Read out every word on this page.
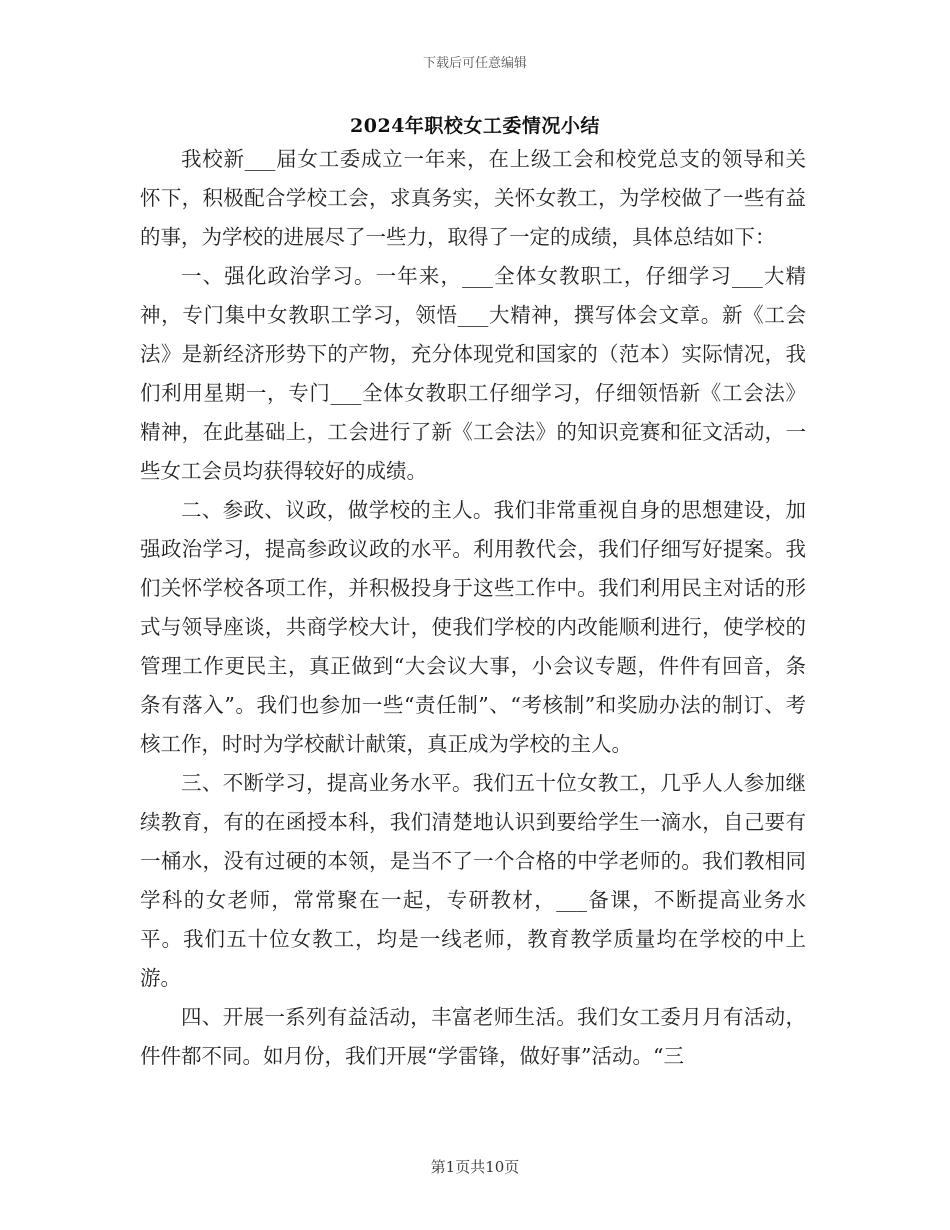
下载后可任意编辑
2024年职校女工委情况小结

我校新___届女工委成立一年来，在上级工会和校党总支的领导和关怀下，积极配合学校工会，求真务实，关怀女教工，为学校做了一些有益的事，为学校的进展尽了一些力，取得了一定的成绩，具体总结如下：

一、强化政治学习。一年来，___全体女教职工，仔细学习___大精神，专门集中女教职工学习，领悟___大精神，撰写体会文章。新《工会法》是新经济形势下的产物，充分体现党和国家的（范本）实际情况，我们利用星期一，专门___全体女教职工仔细学习，仔细领悟新《工会法》精神，在此基础上，工会进行了新《工会法》的知识竞赛和征文活动，一些女工会员均获得较好的成绩。

二、参政、议政，做学校的主人。我们非常重视自身的思想建设，加强政治学习，提高参政议政的水平。利用教代会，我们仔细写好提案。我们关怀学校各项工作，并积极投身于这些工作中。我们利用民主对话的形式与领导座谈，共商学校大计，使我们学校的内改能顺利进行，使学校的管理工作更民主，真正做到“大会议大事，小会议专题，件件有回音，条条有落入”。我们也参加一些“责任制”、“考核制”和奖励办法的制订、考核工作，时时为学校献计献策，真正成为学校的主人。

三、不断学习，提高业务水平。我们五十位女教工，几乎人人参加继续教育，有的在函授本科，我们清楚地认识到要给学生一滴水，自己要有一桶水，没有过硬的本领，是当不了一个合格的中学老师的。我们教相同学科的女老师，常常聚在一起，专研教材，___备课，不断提高业务水平。我们五十位女教工，均是一线老师，教育教学质量均在学校的中上游。

四、开展一系列有益活动，丰富老师生活。我们女工委月月有活动，件件都不同。如月份，我们开展“学雷锋，做好事”活动。“三

第1页共10页
